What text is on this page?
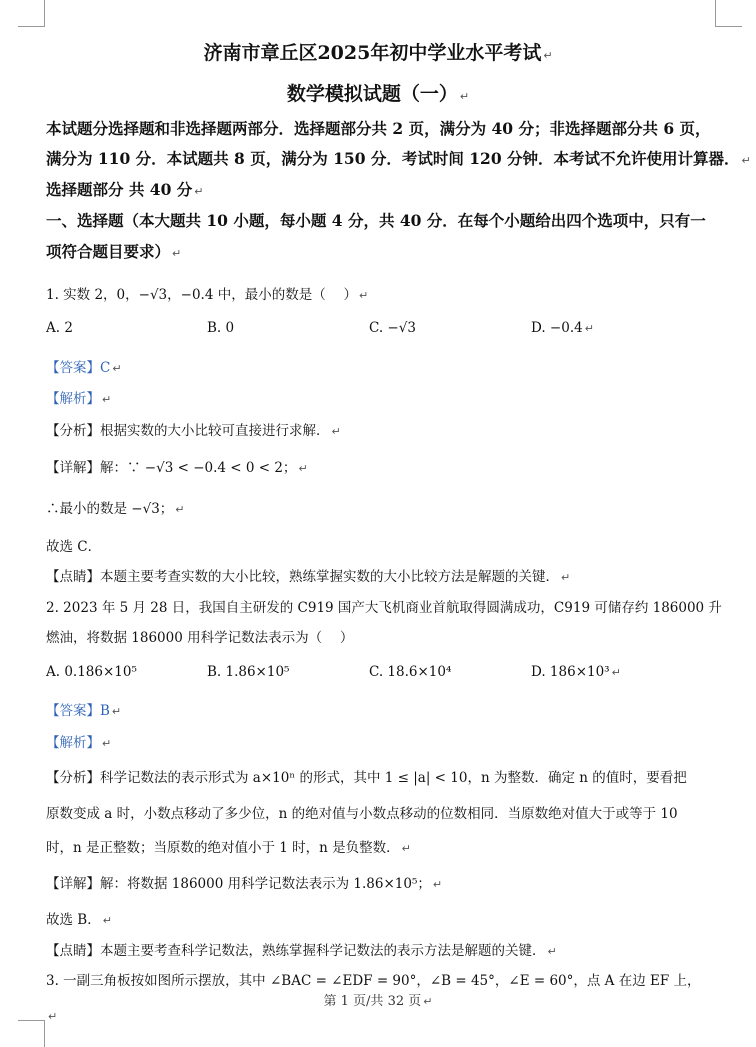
济南市章丘区2025年初中学业水平考试 ↵
数学模拟试题（一） ↵
本试题分选择题和非选择题两部分．选择题部分共 2 页，满分为 40 分；非选择题部分共 6 页，
满分为 110 分．本试题共 8 页，满分为 150 分．考试时间 120 分钟．本考试不允许使用计算器． ↵
选择题部分 共 40 分 ↵
一、选择题（本大题共 10 小题，每小题 4 分，共 40 分．在每个小题给出四个选项中，只有一
项符合题目要求） ↵
1. 实数 2，0，−√3，−0.4 中，最小的数是（　 ） ↵
A. 2	B. 0	C. −√3	D. −0.4 ↵
【答案】C ↵
【解析】 ↵
【分析】根据实数的大小比较可直接进行求解． ↵
【详解】解：∵ −√3 < −0.4 < 0 < 2； ↵
∴最小的数是 −√3； ↵
故选 C．
【点睛】本题主要考查实数的大小比较，熟练掌握实数的大小比较方法是解题的关键． ↵
2. 2023 年 5 月 28 日，我国自主研发的 C919 国产大飞机商业首航取得圆满成功，C919 可储存约 186000 升
燃油，将数据 186000 用科学记数法表示为（　 ）
A. 0.186×10⁵	B. 1.86×10⁵	C. 18.6×10⁴	D. 186×10³ ↵
【答案】B ↵
【解析】 ↵
【分析】科学记数法的表示形式为 a×10ⁿ 的形式，其中 1 ≤ |a| < 10，n 为整数．确定 n 的值时，要看把
原数变成 a 时，小数点移动了多少位，n 的绝对值与小数点移动的位数相同．当原数绝对值大于或等于 10
时，n 是正整数；当原数的绝对值小于 1 时，n 是负整数． ↵
【详解】解：将数据 186000 用科学记数法表示为 1.86×10⁵； ↵
故选 B． ↵
【点睛】本题主要考查科学记数法，熟练掌握科学记数法的表示方法是解题的关键． ↵
3. 一副三角板按如图所示摆放，其中 ∠BAC = ∠EDF = 90°，∠B = 45°，∠E = 60°，点 A 在边 EF 上，
第 1 页/共 32 页 ↵
↵
